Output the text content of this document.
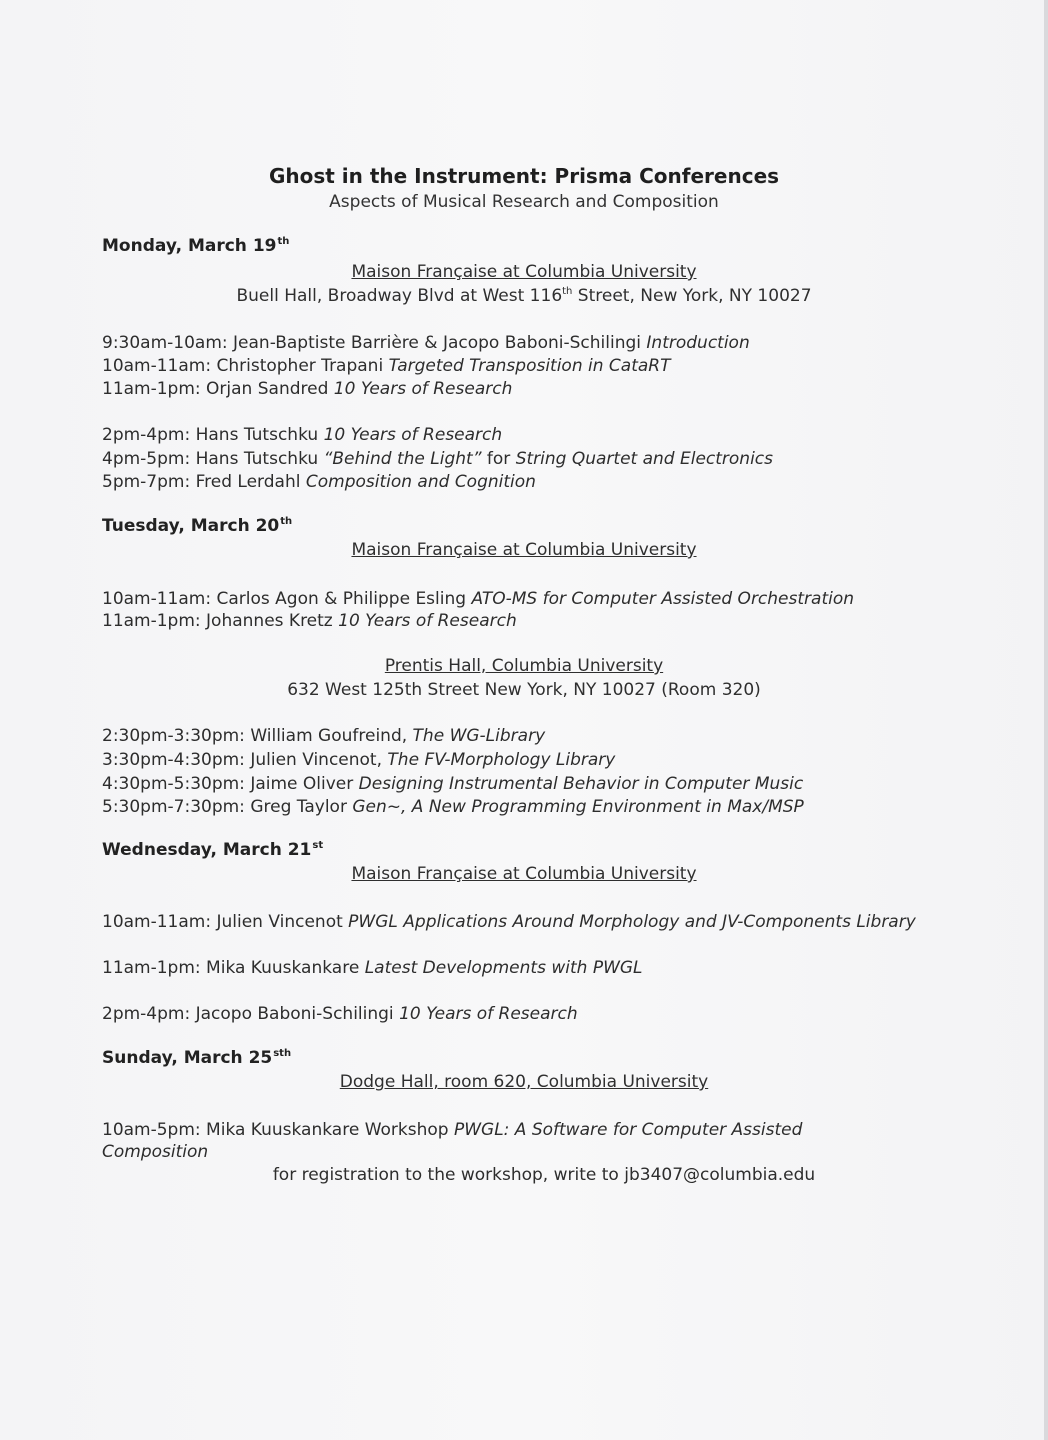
Ghost in the Instrument: Prisma Conferences
Aspects of Musical Research and Composition
Monday, March 19th
Maison Française at Columbia University
Buell Hall, Broadway Blvd at West 116th Street, New York, NY 10027
9:30am-10am: Jean-Baptiste Barrière & Jacopo Baboni-Schilingi Introduction
10am-11am: Christopher Trapani Targeted Transposition in CataRT
11am-1pm: Orjan Sandred 10 Years of Research
2pm-4pm: Hans Tutschku 10 Years of Research
4pm-5pm: Hans Tutschku “Behind the Light” for String Quartet and Electronics
5pm-7pm: Fred Lerdahl Composition and Cognition
Tuesday, March 20th
Maison Française at Columbia University
10am-11am: Carlos Agon & Philippe Esling ATO-MS for Computer Assisted Orchestration
11am-1pm: Johannes Kretz 10 Years of Research
Prentis Hall, Columbia University
632 West 125th Street New York, NY 10027 (Room 320)
2:30pm-3:30pm: William Goufreind, The WG-Library
3:30pm-4:30pm: Julien Vincenot, The FV-Morphology Library
4:30pm-5:30pm: Jaime Oliver Designing Instrumental Behavior in Computer Music
5:30pm-7:30pm: Greg Taylor Gen~, A New Programming Environment in Max/MSP
Wednesday, March 21st
Maison Française at Columbia University
10am-11am: Julien Vincenot PWGL Applications Around Morphology and JV-Components Library
11am-1pm: Mika Kuuskankare Latest Developments with PWGL
2pm-4pm: Jacopo Baboni-Schilingi 10 Years of Research
Sunday, March $25^{sth}$
Dodge Hall, room 620, Columbia University
10am-5pm: Mika Kuuskankare Workshop PWGL: A Software for Computer Assisted Composition
for registration to the workshop, write to jb3407@columbia.edu
